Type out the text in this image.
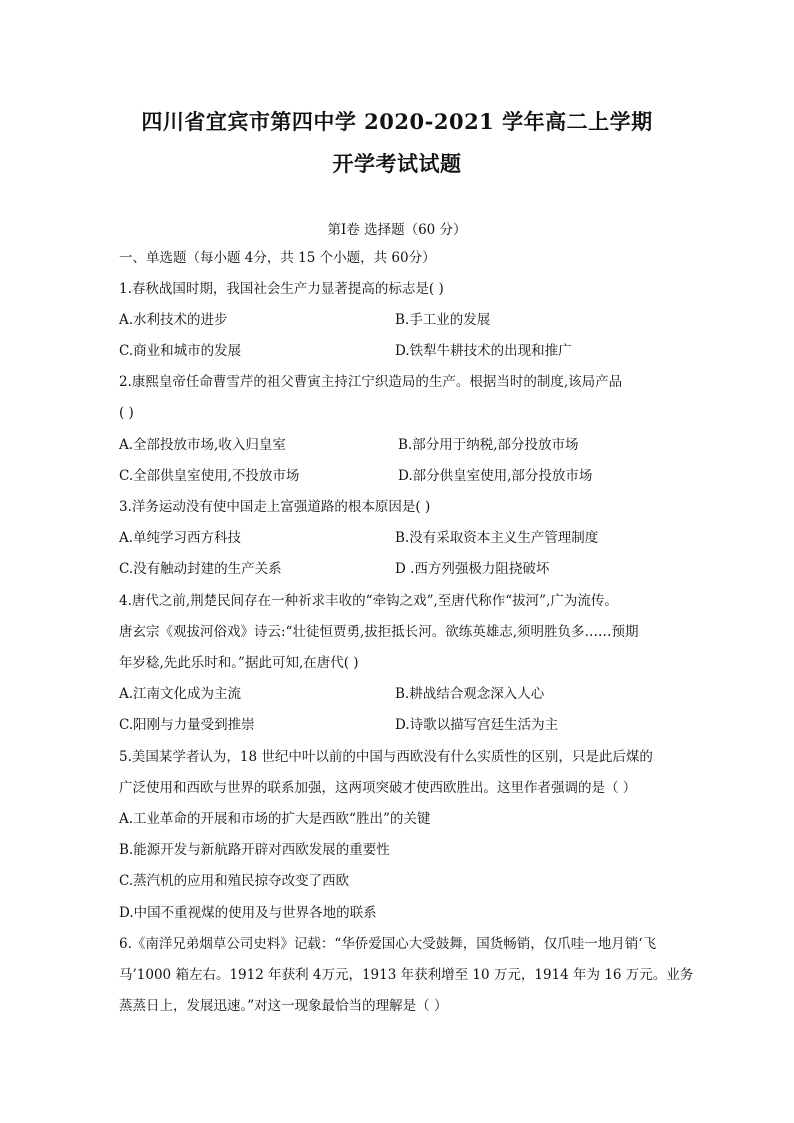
四川省宜宾市第四中学 2020-2021 学年高二上学期
开学考试试题
第Ⅰ卷 选择题（60 分）
一、单选题（每小题 4分，共 15 个小题，共 60分）
1.春秋战国时期，我国社会生产力显著提高的标志是( )
A.水利技术的进步	B.手工业的发展
C.商业和城市的发展	D.铁犁牛耕技术的出现和推广
2.康熙皇帝任命曹雪芹的祖父曹寅主持江宁织造局的生产。根据当时的制度,该局产品
( )
A.全部投放市场,收入归皇室	B.部分用于纳税,部分投放市场
C.全部供皇室使用,不投放市场	D.部分供皇室使用,部分投放市场
3.洋务运动没有使中国走上富强道路的根本原因是( )
A.单纯学习西方科技	B.没有采取资本主义生产管理制度
C.没有触动封建的生产关系	D .西方列强极力阻挠破坏
4.唐代之前,荆楚民间存在一种祈求丰收的“牵钩之戏”,至唐代称作“拔河”,广为流传。
唐玄宗《观拔河俗戏》诗云:“壮徒恒贾勇,拔拒抵长河。欲练英雄志,须明胜负多……预期
年岁稔,先此乐时和。”据此可知,在唐代( )
A.江南文化成为主流	B.耕战结合观念深入人心
C.阳刚与力量受到推崇	D.诗歌以描写宫廷生活为主
5.美国某学者认为，18 世纪中叶以前的中国与西欧没有什么实质性的区别，只是此后煤的
广泛使用和西欧与世界的联系加强，这两项突破才使西欧胜出。这里作者强调的是（ ）
A.工业革命的开展和市场的扩大是西欧“胜出”的关键
B.能源开发与新航路开辟对西欧发展的重要性
C.蒸汽机的应用和殖民掠夺改变了西欧
D.中国不重视煤的使用及与世界各地的联系
6.《南洋兄弟烟草公司史料》记载：“华侨爱国心大受鼓舞，国货畅销，仅爪哇一地月销‘飞
马’1000 箱左右。1912 年获利 4万元，1913 年获利增至 10 万元，1914 年为 16 万元。业务
蒸蒸日上，发展迅速。”对这一现象最恰当的理解是（ ）
